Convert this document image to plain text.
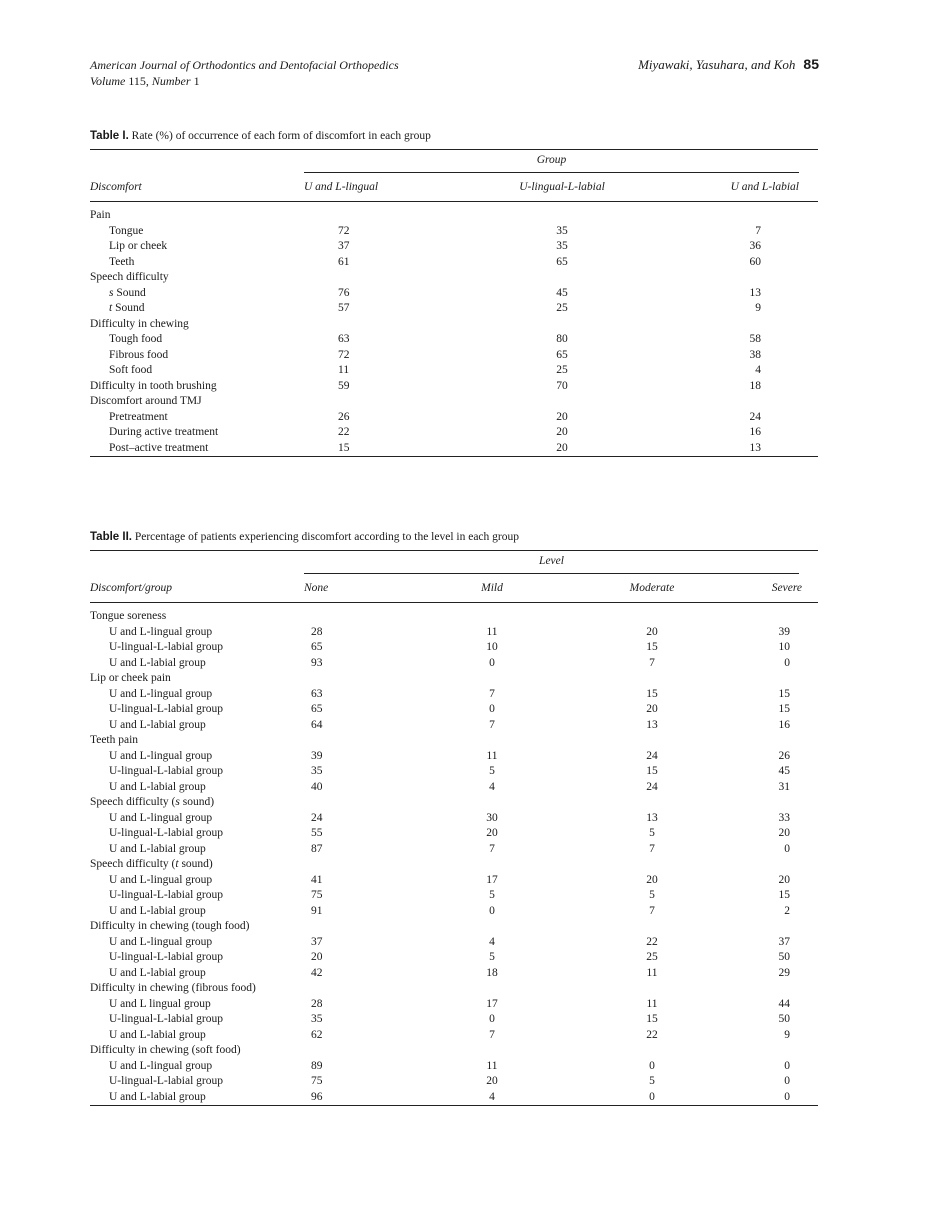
American Journal of Orthodontics and Dentofacial Orthopedics
Volume 115, Number 1
Miyawaki, Yasuhara, and Koh 85
Table I. Rate (%) of occurrence of each form of discomfort in each group

	Group		

Discomfort	U and L-lingual	U-lingual-L-labial	U and L-labial

Pain			
Tongue	72	35	7
Lip or cheek	37	35	36
Teeth	61	65	60
Speech difficulty			
s Sound	76	45	13
t Sound	57	25	9
Difficulty in chewing			
Tough food	63	80	58
Fibrous food	72	65	38
Soft food	11	25	4
Difficulty in tooth brushing	59	70	18
Discomfort around TMJ			
Pretreatment	26	20	24
During active treatment	22	20	16
Post–active treatment	15	20	13

Table II. Percentage of patients experiencing discomfort according to the level in each group

	Level			

Discomfort/group	None	Mild	Moderate	Severe

Tongue soreness				
U and L-lingual group	28	11	20	39
U-lingual-L-labial group	65	10	15	10
U and L-labial group	93	0	7	0
Lip or cheek pain				
U and L-lingual group	63	7	15	15
U-lingual-L-labial group	65	0	20	15
U and L-labial group	64	7	13	16
Teeth pain				
U and L-lingual group	39	11	24	26
U-lingual-L-labial group	35	5	15	45
U and L-labial group	40	4	24	31
Speech difficulty (s sound)				
U and L-lingual group	24	30	13	33
U-lingual-L-labial group	55	20	5	20
U and L-labial group	87	7	7	0
Speech difficulty (t sound)				
U and L-lingual group	41	17	20	20
U-lingual-L-labial group	75	5	5	15
U and L-labial group	91	0	7	2
Difficulty in chewing (tough food)				
U and L-lingual group	37	4	22	37
U-lingual-L-labial group	20	5	25	50
U and L-labial group	42	18	11	29
Difficulty in chewing (fibrous food)				
U and L lingual group	28	17	11	44
U-lingual-L-labial group	35	0	15	50
U and L-labial group	62	7	22	9
Difficulty in chewing (soft food)				
U and L-lingual group	89	11	0	0
U-lingual-L-labial group	75	20	5	0
U and L-labial group	96	4	0	0
